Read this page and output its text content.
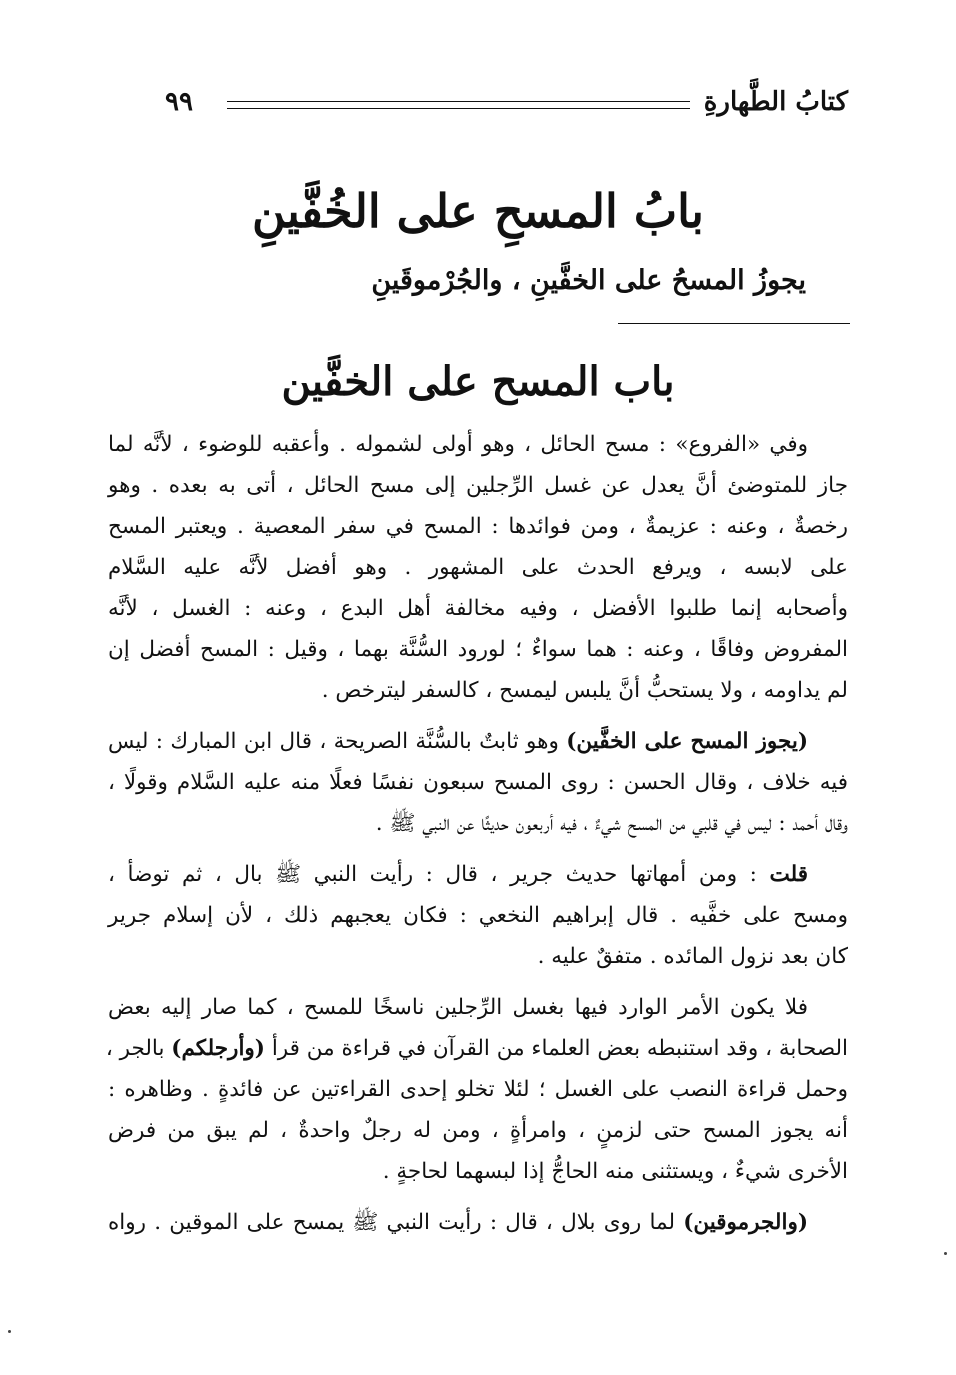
كتابُ الطَّهارةِ
٩٩
بابُ المسحِ على الخُفَّينِ
يجوزُ المسحُ على الخفَّينِ ، والجُرْموقَينِ
باب المسح على الخفَّين
وفي «الفروع» : مسح الحائل ، وهو أولى لشموله . وأعقبه للوضوء ، لأنَّه لما
جاز للمتوضئ أنَّ يعدل عن غسل الرِّجلين إلى مسح الحائل ، أتى به بعده . وهو
رخصةٌ ، وعنه : عزيمةٌ ، ومن فوائدها : المسح في سفر المعصية . ويعتبر المسح
على لابسه ، ويرفع الحدث على المشهور . وهو أفضل لأنَّه عليه السَّلام
وأصحابه إنما طلبوا الأفضل ، وفيه مخالفة أهل البدع ، وعنه : الغسل ، لأنَّه
المفروض وفاقًا ، وعنه : هما سواءٌ ؛ لورود السُّنَّة بهما ، وقيل : المسح أفضل إن
لم يداومه ، ولا يستحبُّ أنَّ يلبس ليمسح ، كالسفر ليترخص .
(يجوز المسح على الخفَّين) وهو ثابتٌ بالسُّنَّة الصريحة ، قال ابن المبارك : ليس
فيه خلاف ، وقال الحسن : روى المسح سبعون نفسًا فعلًا منه عليه السَّلام وقولًا ،
وقال أحمد : ليس في قلبي من المسح شيءٌ ، فيه أربعون حديثًا عن النبي ﷺ .
قلت : ومن أمهاتها حديث جرير ، قال : رأيت النبي ﷺ بال ، ثم توضأ ،
ومسح على خفَّيه . قال إبراهيم النخعي : فكان يعجبهم ذلك ، لأن إسلام جرير
كان بعد نزول المائده . متفقٌ عليه .
فلا يكون الأمر الوارد فيها بغسل الرِّجلين ناسخًا للمسح ، كما صار إليه بعض
الصحابة ، وقد استنبطه بعض العلماء من القرآن في قراءة من قرأ (وأرجلكم) بالجر ،
وحمل قراءة النصب على الغسل ؛ لئلا تخلو إحدى القراءتين عن فائدةٍ . وظاهره :
أنه يجوز المسح حتى لزمنٍ ، وامرأةٍ ، ومن له رجلٌ واحدةٌ ، لم يبق من فرض
الأخرى شيءٌ ، ويستثنى منه الحاجُّ إذا لبسهما لحاجةٍ .
(والجرموقين) لما روى بلال ، قال : رأيت النبي ﷺ يمسح على الموقين . رواه
